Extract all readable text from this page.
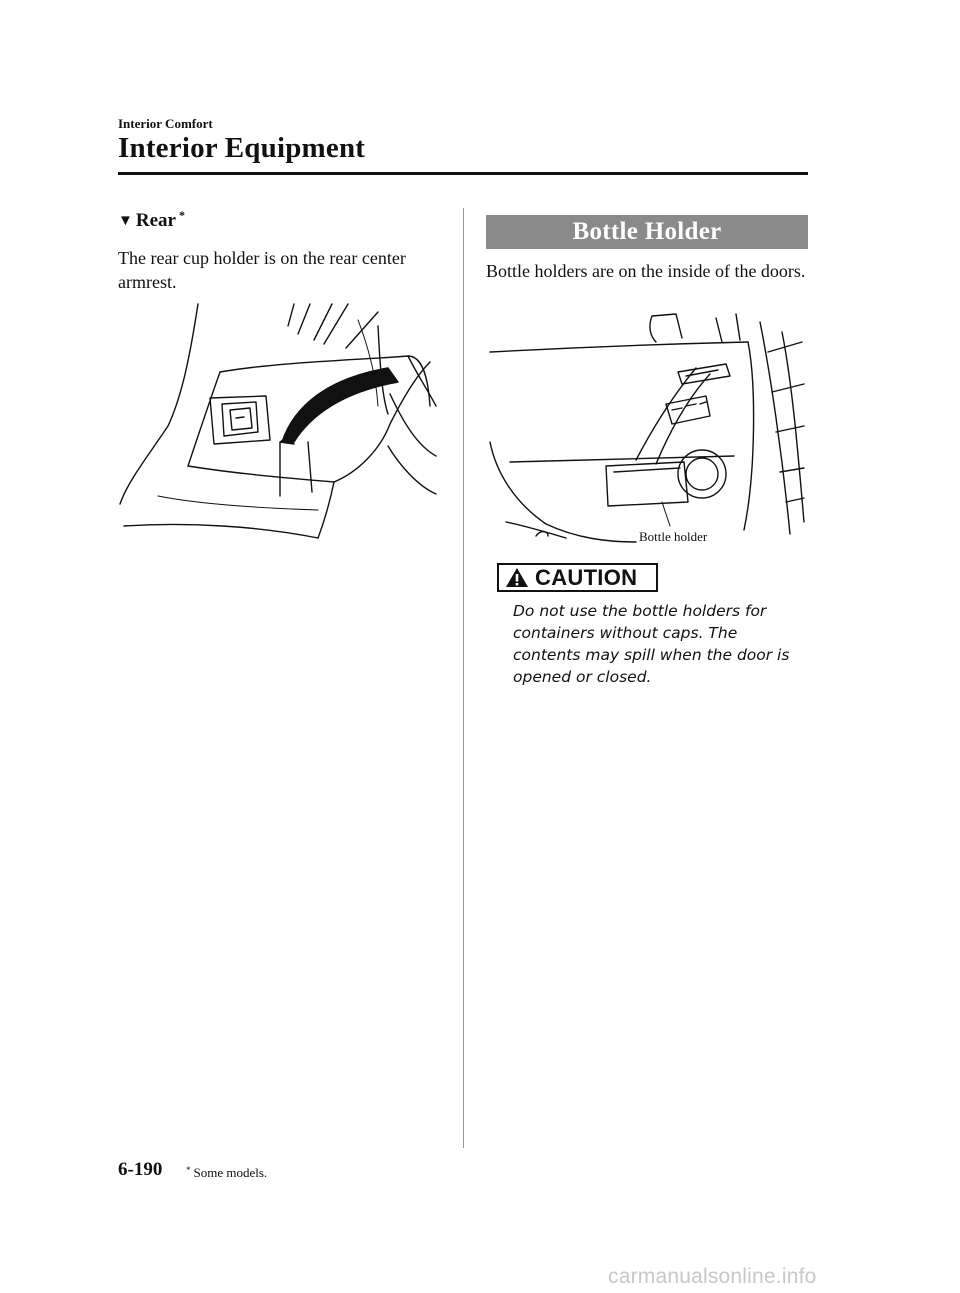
Interior Comfort
Interior Equipment
▼ Rear *
The rear cup holder is on the rear center armrest.
Bottle Holder
Bottle holders are on the inside of the doors.
Bottle holder
CAUTION
Do not use the bottle holders for containers without caps. The contents may spill when the door is opened or closed.
6-190	* Some models.
carmanualsonline.info
